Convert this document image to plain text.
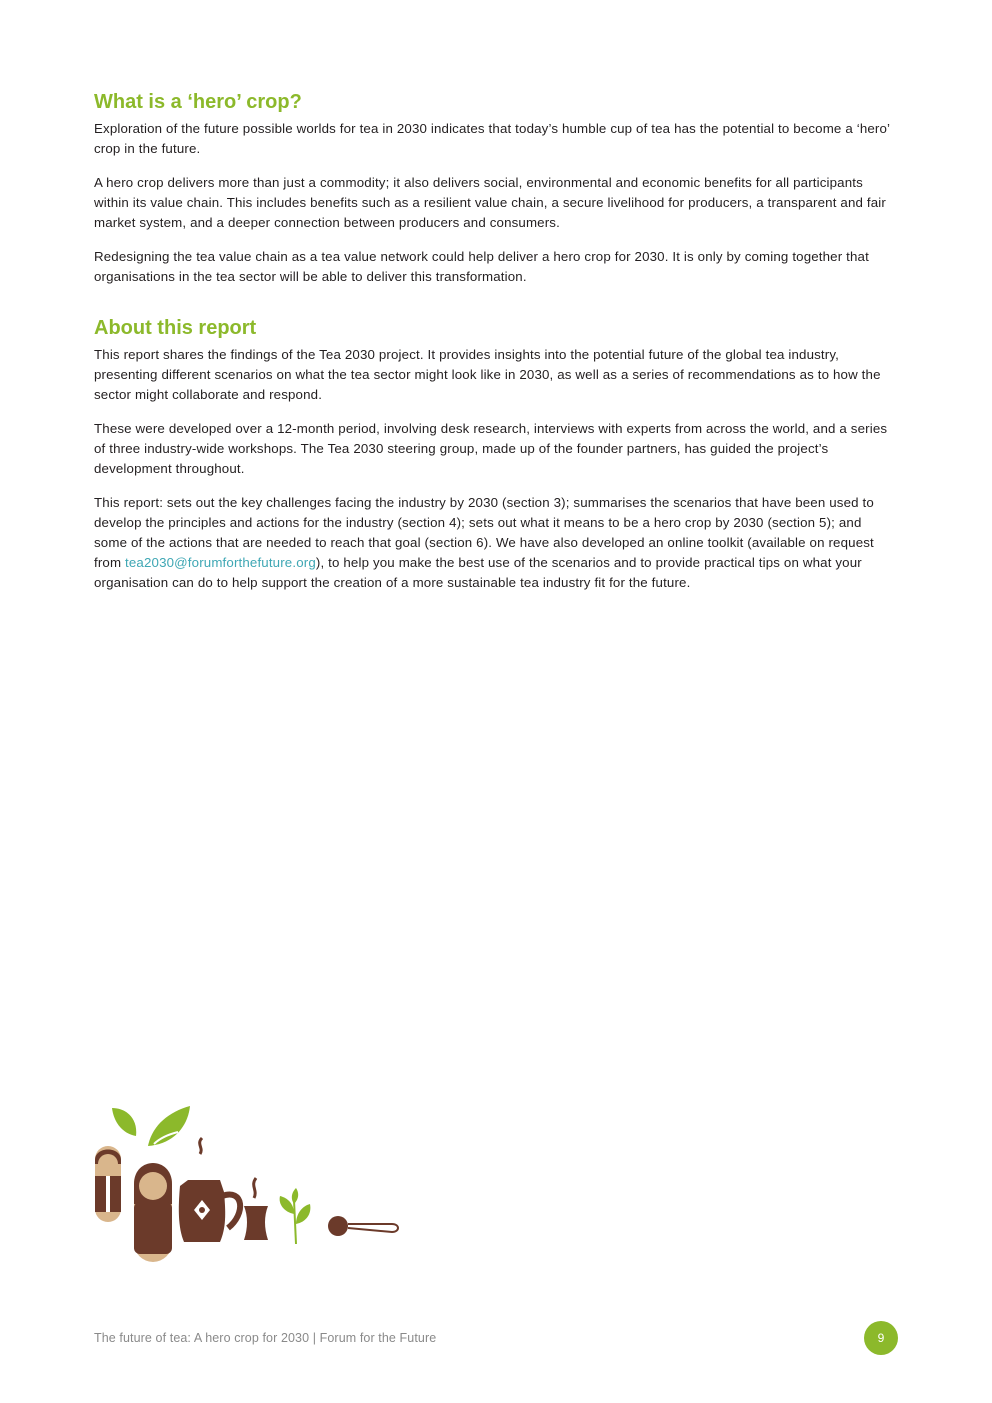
What is a ‘hero’ crop?

Exploration of the future possible worlds for tea in 2030 indicates that today’s humble cup of tea has the potential to become a ‘hero’ crop in the future.

A hero crop delivers more than just a commodity; it also delivers social, environmental and economic benefits for all participants within its value chain. This includes benefits such as a resilient value chain, a secure livelihood for producers, a transparent and fair market system, and a deeper connection between producers and consumers.

Redesigning the tea value chain as a tea value network could help deliver a hero crop for 2030. It is only by coming together that organisations in the tea sector will be able to deliver this transformation.

About this report

This report shares the findings of the Tea 2030 project. It provides insights into the potential future of the global tea industry, presenting different scenarios on what the tea sector might look like in 2030, as well as a series of recommendations as to how the sector might collaborate and respond.

These were developed over a 12-month period, involving desk research, interviews with experts from across the world, and a series of three industry-wide workshops. The Tea 2030 steering group, made up of the founder partners, has guided the project’s development throughout.

This report: sets out the key challenges facing the industry by 2030 (section 3); summarises the scenarios that have been used to develop the principles and actions for the industry (section 4); sets out what it means to be a hero crop by 2030 (section 5); and some of the actions that are needed to reach that goal (section 6). We have also developed an online toolkit (available on request from tea2030@forumforthefuture.org), to help you make the best use of the scenarios and to provide practical tips on what your organisation can do to help support the creation of a more sustainable tea industry fit for the future.

The future of tea: A hero crop for 2030 | Forum for the Future	9
